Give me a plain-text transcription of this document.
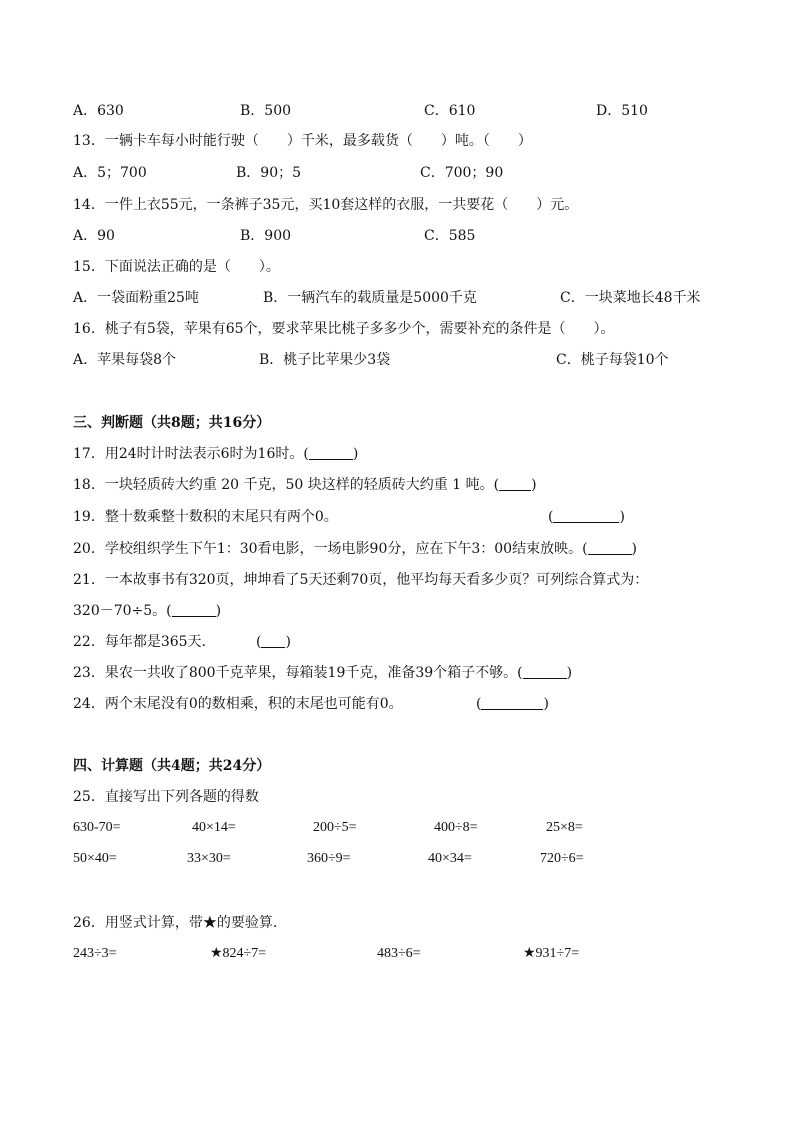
A．630	B．500	C．610	D．510
13．一辆卡车每小时能行驶（　　）千米，最多载货（　　）吨。（　　）
A．5；700	B．90；5	C．700；90
14．一件上衣55元，一条裤子35元，买10套这样的衣服，一共要花（　　）元。
A．90	B．900	C．585
15．下面说法正确的是（　　）。
A．一袋面粉重25吨	B．一辆汽车的载质量是5000千克	C．一块菜地长48千米
16．桃子有5袋，苹果有65个，要求苹果比桃子多多少个，需要补充的条件是（　　）。
A．苹果每袋8个	B．桃子比苹果少3袋	C．桃子每袋10个
三、判断题（共8题；共16分）
17．用24时计时法表示6时为16时。(	)
18．一块轻质砖大约重 20 千克，50 块这样的轻质砖大约重 1 吨。( )
19．整十数乘整十数积的末尾只有两个0。	(	)
20．学校组织学生下午1：30看电影，一场电影90分，应在下午3：00结束放映。(	)
21．一本故事书有320页，坤坤看了5天还剩70页，他平均每天看多少页？可列综合算式为：
320－70÷5。(	)
22．每年都是365天.	( )
23．果农一共收了800千克苹果，每箱装19千克，准备39个箱子不够。(	)
24．两个末尾没有0的数相乘，积的末尾也可能有0。	(	)
四、计算题（共4题；共24分）
25．直接写出下列各题的得数
630-70=	40×14=	200÷5=	400÷8=	25×8=
50×40=	33×30=	360÷9=	40×34=	720÷6=
26．用竖式计算，带★的要验算.
243÷3=	★824÷7=	483÷6=	★931÷7=
